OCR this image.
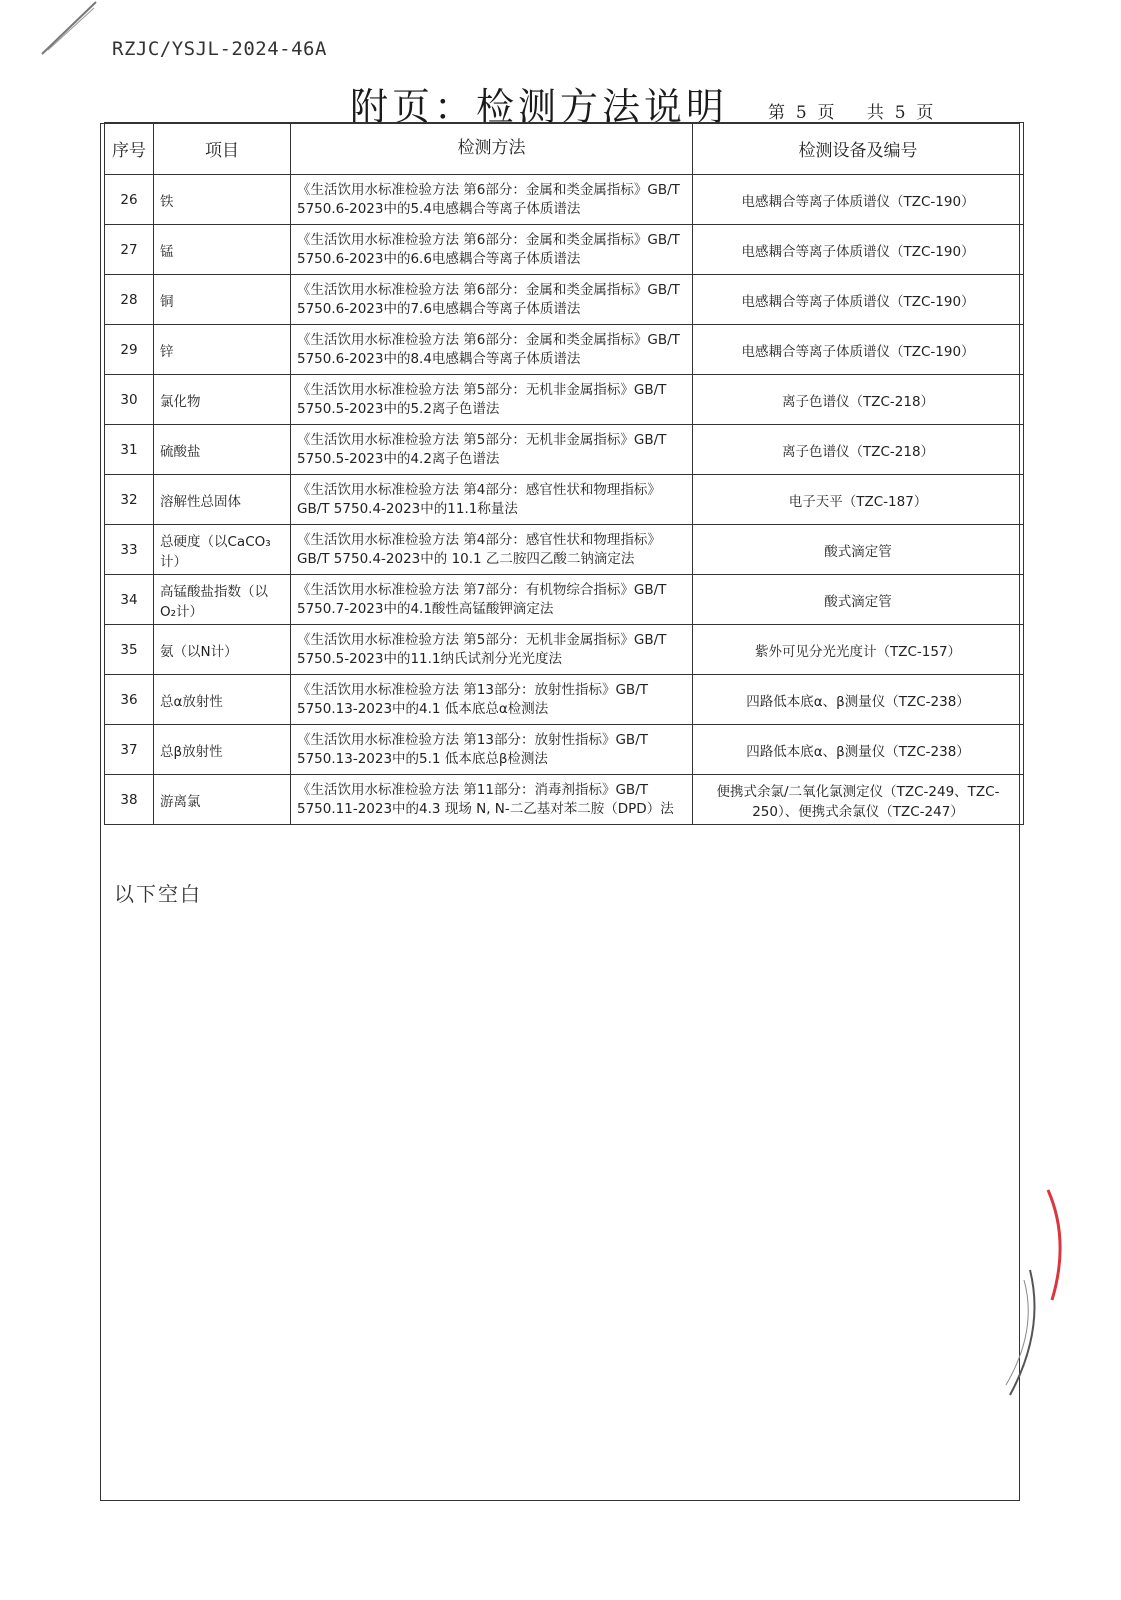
RZJC/YSJL-2024-46A
附页：检测方法说明 第 5 页 共 5 页
序号	项目	检测方法	检测设备及编号
26	铁	《生活饮用水标准检验方法 第6部分：金属和类金属指标》GB/T 5750.6-2023中的5.4电感耦合等离子体质谱法	电感耦合等离子体质谱仪（TZC-190）
27	锰	《生活饮用水标准检验方法 第6部分：金属和类金属指标》GB/T 5750.6-2023中的6.6电感耦合等离子体质谱法	电感耦合等离子体质谱仪（TZC-190）
28	铜	《生活饮用水标准检验方法 第6部分：金属和类金属指标》GB/T 5750.6-2023中的7.6电感耦合等离子体质谱法	电感耦合等离子体质谱仪（TZC-190）
29	锌	《生活饮用水标准检验方法 第6部分：金属和类金属指标》GB/T 5750.6-2023中的8.4电感耦合等离子体质谱法	电感耦合等离子体质谱仪（TZC-190）
30	氯化物	《生活饮用水标准检验方法 第5部分：无机非金属指标》GB/T 5750.5-2023中的5.2离子色谱法	离子色谱仪（TZC-218）
31	硫酸盐	《生活饮用水标准检验方法 第5部分：无机非金属指标》GB/T 5750.5-2023中的4.2离子色谱法	离子色谱仪（TZC-218）
32	溶解性总固体	《生活饮用水标准检验方法 第4部分：感官性状和物理指标》GB/T 5750.4-2023中的11.1称量法	电子天平（TZC-187）
33	总硬度（以CaCO₃计）	《生活饮用水标准检验方法 第4部分：感官性状和物理指标》GB/T 5750.4-2023中的 10.1 乙二胺四乙酸二钠滴定法	酸式滴定管
34	高锰酸盐指数（以O₂计）	《生活饮用水标准检验方法 第7部分：有机物综合指标》GB/T 5750.7-2023中的4.1酸性高锰酸钾滴定法	酸式滴定管
35	氨（以N计）	《生活饮用水标准检验方法 第5部分：无机非金属指标》GB/T 5750.5-2023中的11.1纳氏试剂分光光度法	紫外可见分光光度计（TZC-157）
36	总α放射性	《生活饮用水标准检验方法 第13部分：放射性指标》GB/T 5750.13-2023中的4.1 低本底总α检测法	四路低本底α、β测量仪（TZC-238）
37	总β放射性	《生活饮用水标准检验方法 第13部分：放射性指标》GB/T 5750.13-2023中的5.1 低本底总β检测法	四路低本底α、β测量仪（TZC-238）
38	游离氯	《生活饮用水标准检验方法 第11部分：消毒剂指标》GB/T 5750.11-2023中的4.3 现场 N, N-二乙基对苯二胺（DPD）法	便携式余氯/二氧化氯测定仪（TZC-249、TZC-250）、便携式余氯仪（TZC-247）
以下空白
